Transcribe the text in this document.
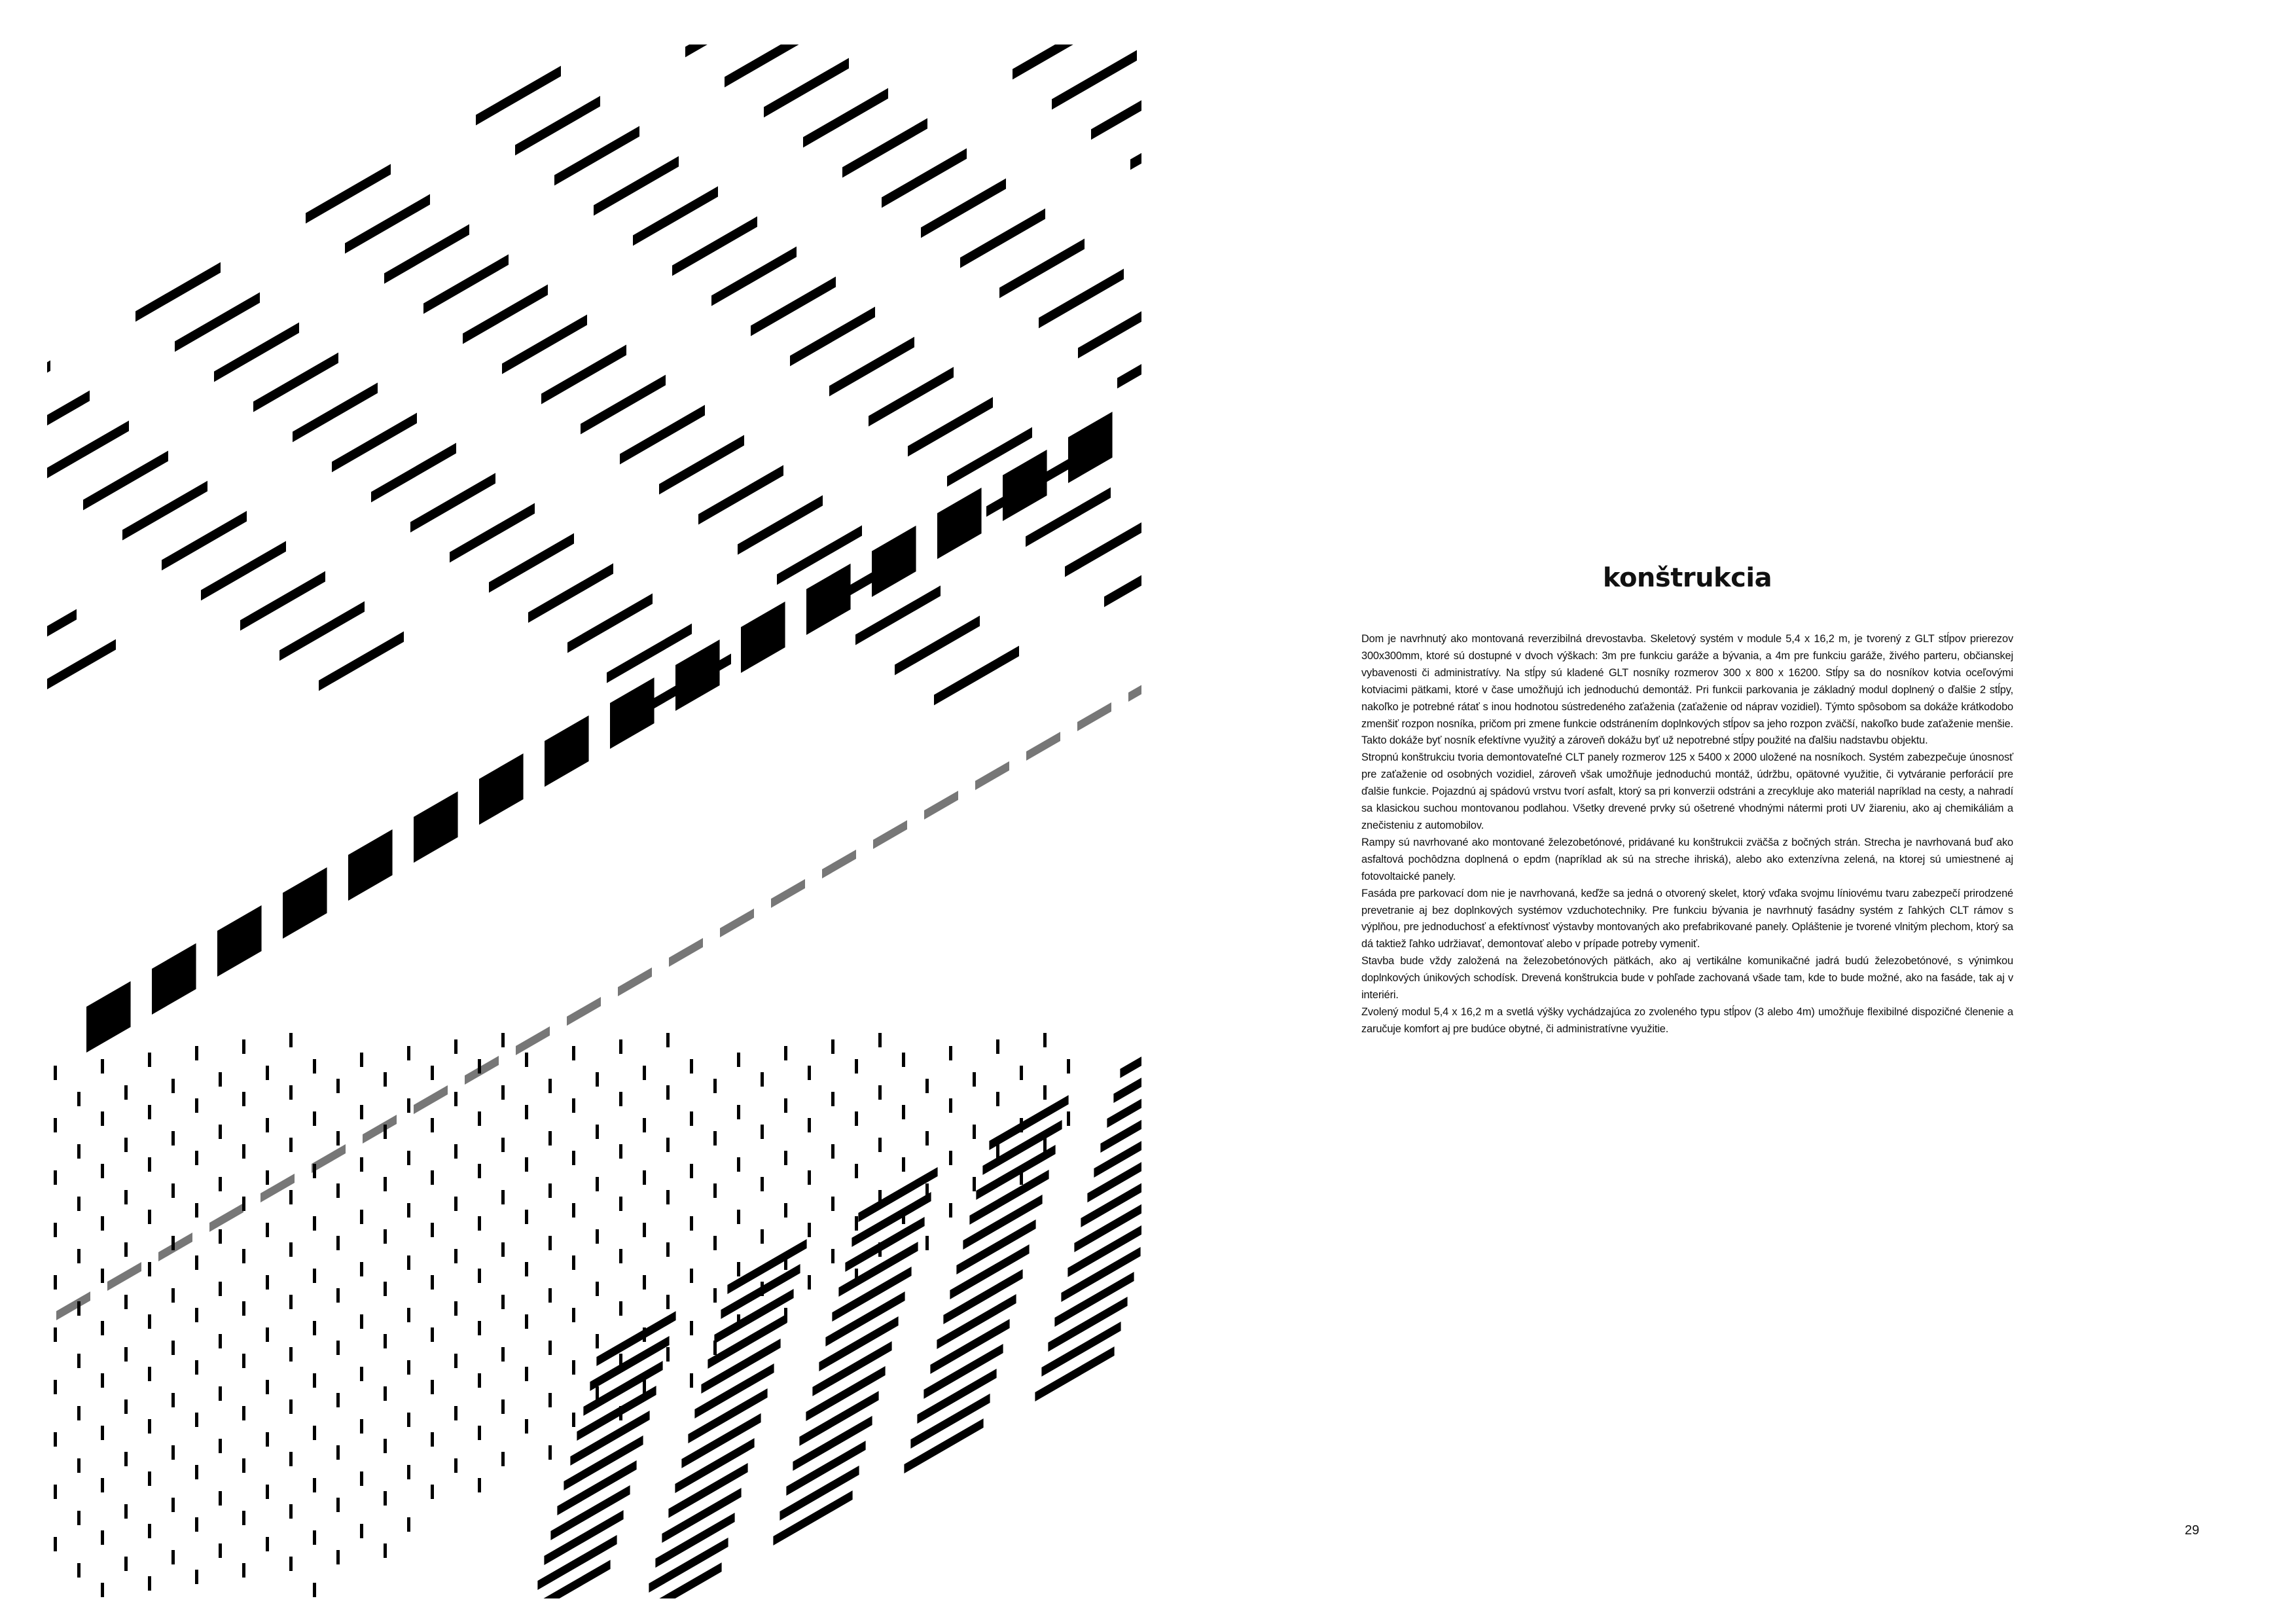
konštrukcia

Dom je navrhnutý ako montovaná reverzibilná drevostavba. Skeletový systém v module 5,4 x 16,2 m, je tvorený z GLT stĺpov prierezov 300x300mm, ktoré sú dostupné v dvoch výškach: 3m pre funkciu garáže a bývania, a 4m pre funkciu garáže, živého parteru, občianskej vybavenosti či administratívy. Na stĺpy sú kladené GLT nosníky rozmerov 300 x 800 x 16200. Stĺpy sa do nosníkov kotvia oceľovými kotviacimi pätkami, ktoré v čase umožňujú ich jednoduchú demontáž. Pri funkcii parkovania je základný modul doplnený o ďalšie 2 stĺpy, nakoľko je potrebné rátať s inou hodnotou sústredeného zaťaženia (zaťaženie od náprav vozidiel). Týmto spôsobom sa dokáže krátkodobo zmenšiť rozpon nosníka, pričom pri zmene funkcie odstránením doplnkových stĺpov sa jeho rozpon zväčší, nakoľko bude zaťaženie menšie. Takto dokáže byť nosník efektívne využitý a zároveň dokážu byť už nepotrebné stĺpy použité na ďalšiu nadstavbu objektu.

Stropnú konštrukciu tvoria demontovateľné CLT panely rozmerov 125 x 5400 x 2000 uložené na nosníkoch. Systém zabezpečuje únosnosť pre zaťaženie od osobných vozidiel, zároveň však umožňuje jednoduchú montáž, údržbu, opätovné využitie, či vytváranie perforácií pre ďalšie funkcie. Pojazdnú aj spádovú vrstvu tvorí asfalt, ktorý sa pri konverzii odstráni a zrecykluje ako materiál napríklad na cesty, a nahradí sa klasickou suchou montovanou podlahou. Všetky drevené prvky sú ošetrené vhodnými nátermi proti UV žiareniu, ako aj chemikáliám a znečisteniu z automobilov.

Rampy sú navrhované ako montované železobetónové, pridávané ku konštrukcii zväčša z bočných strán. Strecha je navrhovaná buď ako asfaltová pochôdzna doplnená o epdm (napríklad ak sú na streche ihriská), alebo ako extenzívna zelená, na ktorej sú umiestnené aj fotovoltaické panely.

Fasáda pre parkovací dom nie je navrhovaná, keďže sa jedná o otvorený skelet, ktorý vďaka svojmu líniovému tvaru zabezpečí prirodzené prevetranie aj bez doplnkových systémov vzduchotechniky. Pre funkciu bývania je navrhnutý fasádny systém z ľahkých CLT rámov s výplňou, pre jednoduchosť a efektívnosť výstavby montovaných ako prefabrikované panely. Opláštenie je tvorené vlnitým plechom, ktorý sa dá taktiež ľahko udržiavať, demontovať alebo v prípade potreby vymeniť.

Stavba bude vždy založená na železobetónových pätkách, ako aj vertikálne komunikačné jadrá budú železobetónové, s výnimkou doplnkových únikových schodísk. Drevená konštrukcia bude v pohľade zachovaná všade tam, kde to bude možné, ako na fasáde, tak aj v interiéri.

Zvolený modul 5,4 x 16,2 m a svetlá výšky vychádzajúca zo zvoleného typu stĺpov (3 alebo 4m) umožňuje flexibilné dispozičné členenie a zaručuje komfort aj pre budúce obytné, či administratívne využitie.

29
